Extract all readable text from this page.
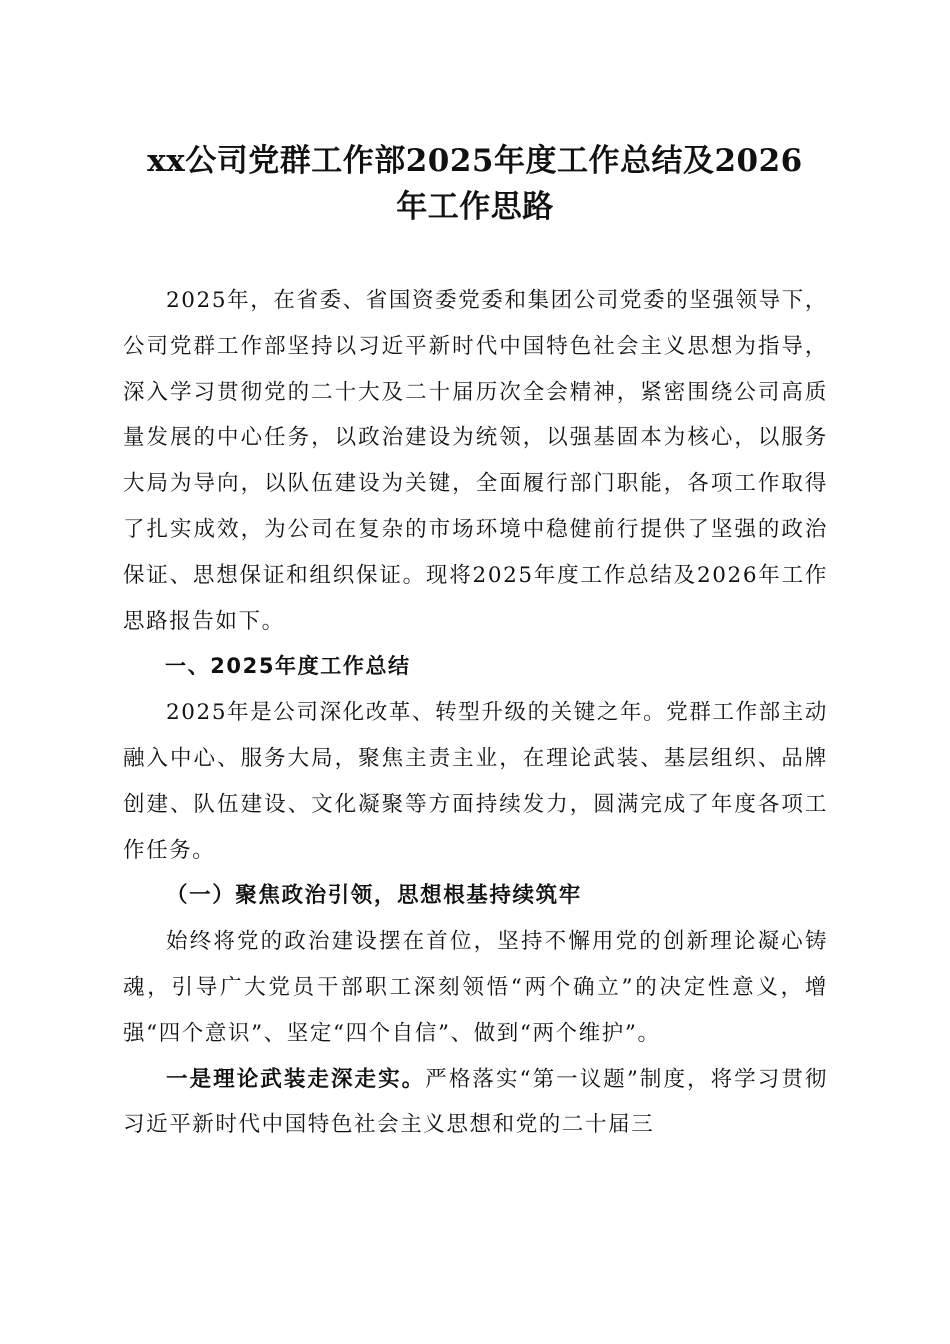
xx公司党群工作部2025年度工作总结及2026
年工作思路

2025年，在省委、省国资委党委和集团公司党委的坚强领导下，公司党群工作部坚持以习近平新时代中国特色社会主义思想为指导，深入学习贯彻党的二十大及二十届历次全会精神，紧密围绕公司高质量发展的中心任务，以政治建设为统领，以强基固本为核心，以服务大局为导向，以队伍建设为关键，全面履行部门职能，各项工作取得了扎实成效，为公司在复杂的市场环境中稳健前行提供了坚强的政治保证、思想保证和组织保证。现将2025年度工作总结及2026年工作思路报告如下。

一、2025年度工作总结

2025年是公司深化改革、转型升级的关键之年。党群工作部主动融入中心、服务大局，聚焦主责主业，在理论武装、基层组织、品牌创建、队伍建设、文化凝聚等方面持续发力，圆满完成了年度各项工作任务。

（一）聚焦政治引领，思想根基持续筑牢

始终将党的政治建设摆在首位，坚持不懈用党的创新理论凝心铸魂，引导广大党员干部职工深刻领悟“两个确立”的决定性意义，增强“四个意识”、坚定“四个自信”、做到“两个维护”。

一是理论武装走深走实。严格落实“第一议题”制度，将学习贯彻习近平新时代中国特色社会主义思想和党的二十届三
